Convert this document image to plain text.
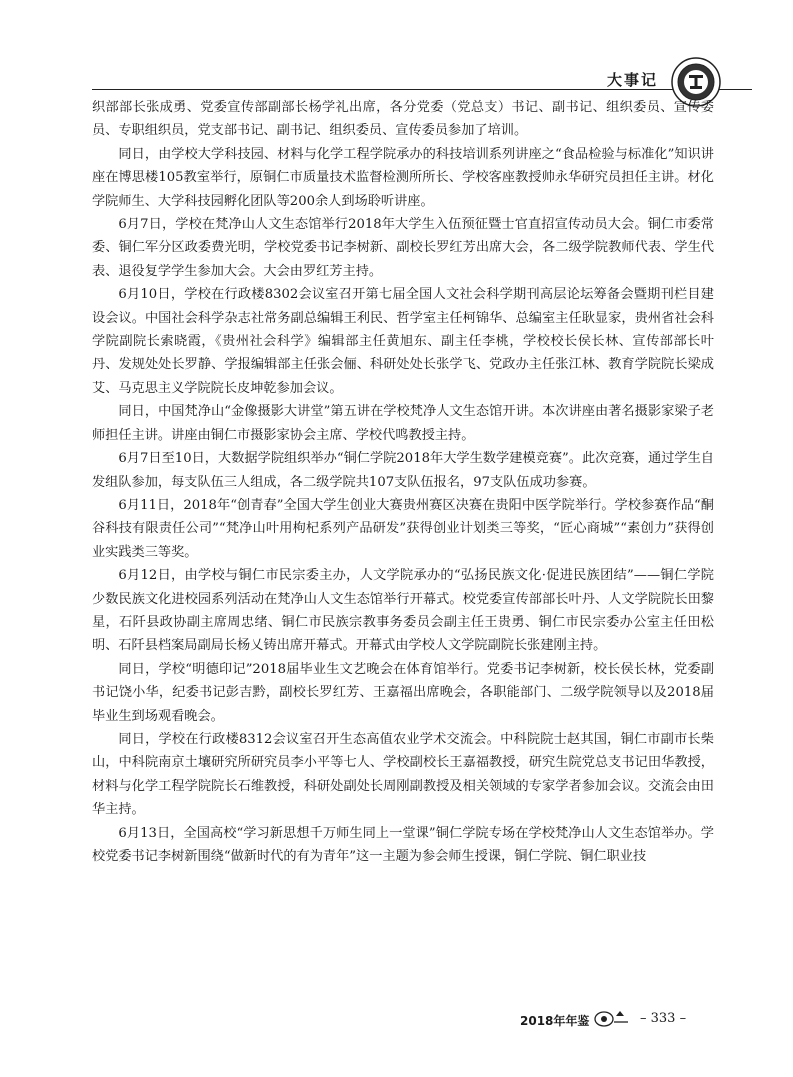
大事记

织部部长张成勇、党委宣传部副部长杨学礼出席，各分党委（党总支）书记、副书记、组织委员、宣传委员、专职组织员，党支部书记、副书记、组织委员、宣传委员参加了培训。

同日，由学校大学科技园、材料与化学工程学院承办的科技培训系列讲座之“食品检验与标准化”知识讲座在博思楼105教室举行，原铜仁市质量技术监督检测所所长、学校客座教授帅永华研究员担任主讲。材化学院师生、大学科技园孵化团队等200余人到场聆听讲座。

6月7日，学校在梵净山人文生态馆举行2018年大学生入伍预征暨士官直招宣传动员大会。铜仁市委常委、铜仁军分区政委费光明，学校党委书记李树新、副校长罗红芳出席大会，各二级学院教师代表、学生代表、退役复学学生参加大会。大会由罗红芳主持。

6月10日，学校在行政楼8302会议室召开第七届全国人文社会科学期刊高层论坛筹备会暨期刊栏目建设会议。中国社会科学杂志社常务副总编辑王利民、哲学室主任柯锦华、总编室主任耿显家，贵州省社会科学院副院长索晓霞，《贵州社会科学》编辑部主任黄旭东、副主任李桃，学校校长侯长林、宣传部部长叶丹、发规处处长罗静、学报编辑部主任张会俪、科研处处长张学飞、党政办主任张江林、教育学院院长梁成艾、马克思主义学院院长皮坤乾参加会议。

同日，中国梵净山“金像摄影大讲堂”第五讲在学校梵净人文生态馆开讲。本次讲座由著名摄影家梁子老师担任主讲。讲座由铜仁市摄影家协会主席、学校代鸣教授主持。

6月7日至10日，大数据学院组织举办“铜仁学院2018年大学生数学建模竞赛”。此次竞赛，通过学生自发组队参加，每支队伍三人组成，各二级学院共107支队伍报名，97支队伍成功参赛。

6月11日，2018年“创青春”全国大学生创业大赛贵州赛区决赛在贵阳中医学院举行。学校参赛作品“酮谷科技有限责任公司”“梵净山叶用枸杞系列产品研发”获得创业计划类三等奖，“匠心商城”“素创力”获得创业实践类三等奖。

6月12日，由学校与铜仁市民宗委主办，人文学院承办的“弘扬民族文化·促进民族团结”——铜仁学院少数民族文化进校园系列活动在梵净山人文生态馆举行开幕式。校党委宣传部部长叶丹、人文学院院长田黎星，石阡县政协副主席周忠绪、铜仁市民族宗教事务委员会副主任王贵勇、铜仁市民宗委办公室主任田松明、石阡县档案局副局长杨乂铸出席开幕式。开幕式由学校人文学院副院长张建刚主持。

同日，学校“明德印记”2018届毕业生文艺晚会在体育馆举行。党委书记李树新，校长侯长林，党委副书记饶小华，纪委书记彭吉黔，副校长罗红芳、王嘉福出席晚会，各职能部门、二级学院领导以及2018届毕业生到场观看晚会。

同日，学校在行政楼8312会议室召开生态高值农业学术交流会。中科院院士赵其国，铜仁市副市长柴山，中科院南京土壤研究所研究员李小平等七人、学校副校长王嘉福教授，研究生院党总支书记田华教授，材料与化学工程学院院长石维教授，科研处副处长周刚副教授及相关领域的专家学者参加会议。交流会由田华主持。

6月13日，全国高校“学习新思想千万师生同上一堂课”铜仁学院专场在学校梵净山人文生态馆举办。学校党委书记李树新围绕“做新时代的有为青年”这一主题为参会师生授课，铜仁学院、铜仁职业技

2018年年鉴	– 333 –
